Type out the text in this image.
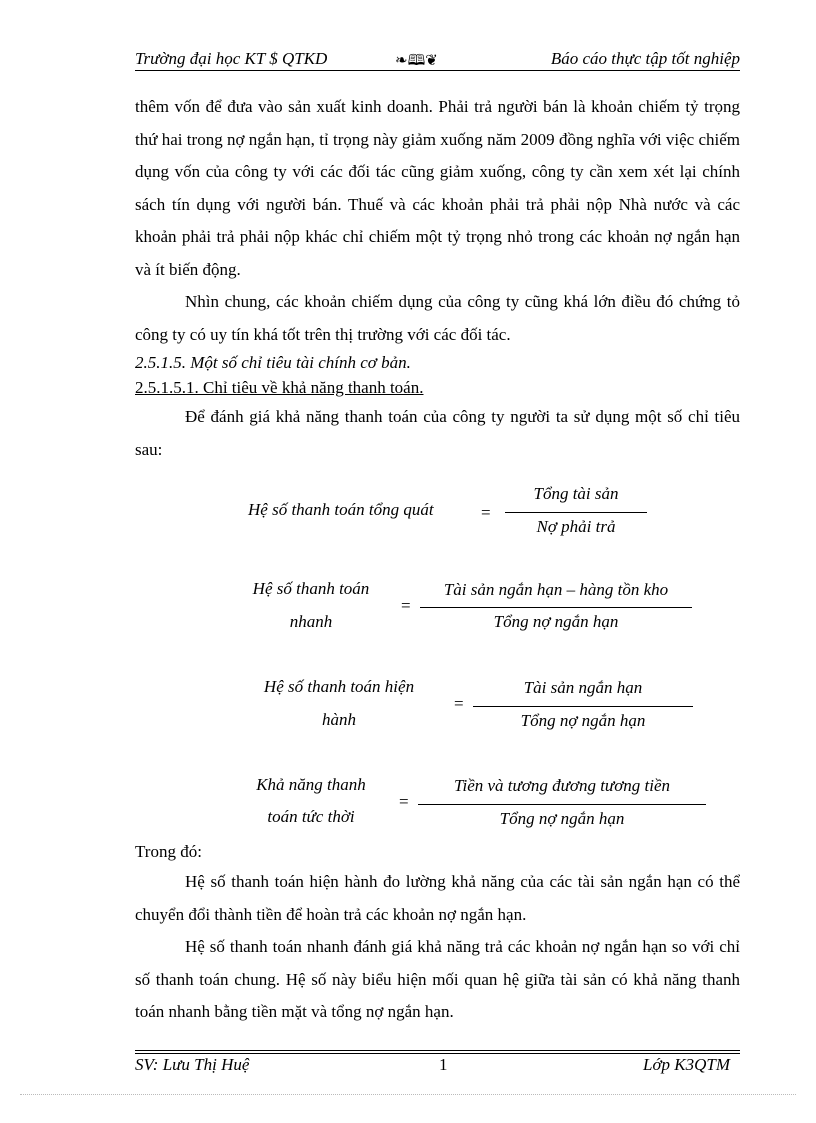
Trường đại học KT $ QTKD	❧🕮❦	Báo cáo thực tập tốt nghiệp

thêm vốn để đưa vào sản xuất kinh doanh. Phải trả người bán là khoản chiếm tỷ trọng thứ hai trong nợ ngắn hạn, tỉ trọng này giảm xuống năm 2009 đồng nghĩa với việc chiếm dụng vốn của công ty với các đối tác cũng giảm xuống, công ty cần xem xét lại chính sách tín dụng với người bán. Thuế và các khoản phải trả phải nộp Nhà nước và các khoản phải trả phải nộp khác chỉ chiếm một tỷ trọng nhỏ trong các khoản nợ ngắn hạn và ít biến động.

Nhìn chung, các khoản chiếm dụng của công ty cũng khá lớn điều đó chứng tỏ công ty có uy tín khá tốt trên thị trường với các đối tác.

2.5.1.5. Một số chỉ tiêu tài chính cơ bản.

2.5.1.5.1. Chỉ tiêu về khả năng thanh toán.

Để đánh giá khả năng thanh toán của công ty người ta sử dụng một số chỉ tiêu sau:

Hệ số thanh toán tổng quát	=
Tổng tài sản
Nợ phải trả
Hệ số thanh toán
nhanh
=
Tài sản ngắn hạn – hàng tồn kho
Tổng nợ ngắn hạn
Hệ số thanh toán hiện
hành
=
Tài sản ngắn hạn
Tổng nợ ngắn hạn
Khả năng thanh
toán tức thời
=
Tiền và tương đương tương tiền
Tổng nợ ngắn hạn

Trong đó:

Hệ số thanh toán hiện hành đo lường khả năng của các tài sản ngắn hạn có thể chuyển đổi thành tiền để hoàn trả các khoản nợ ngắn hạn.

Hệ số thanh toán nhanh đánh giá khả năng trả các khoản nợ ngắn hạn so với chỉ số thanh toán chung. Hệ số này biểu hiện mối quan hệ giữa tài sản có khả năng thanh toán nhanh bằng tiền mặt và tổng nợ ngắn hạn.

SV: Lưu Thị Huệ	1	Lớp K3QTM
